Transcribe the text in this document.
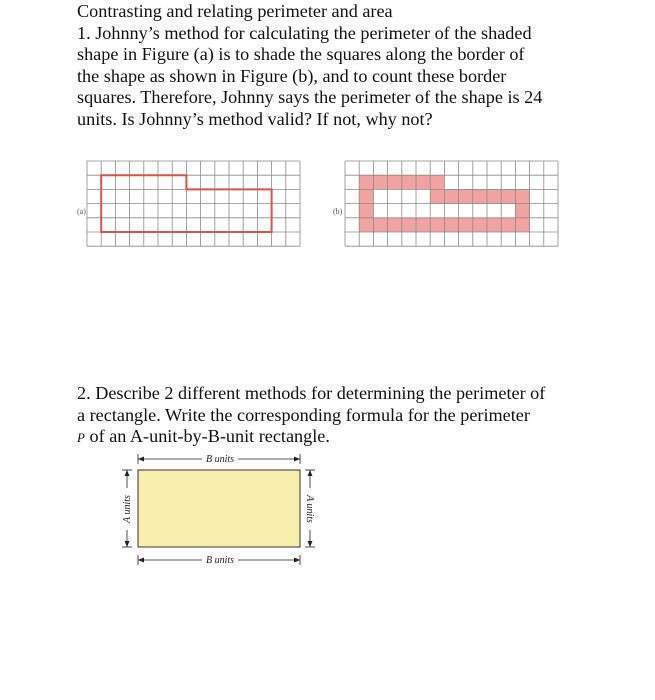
Contrasting and relating perimeter and area
1. Johnny’s method for calculating the perimeter of the shaded
shape in Figure (a) is to shade the squares along the border of
the shape as shown in Figure (b), and to count these border
squares. Therefore, Johnny says the perimeter of the shape is 24
units. Is Johnny’s method valid? If not, why not?
(a)	(b)
2. Describe 2 different methods for determining the perimeter of
a rectangle. Write the corresponding formula for the perimeter
P of an A-unit-by-B-unit rectangle.
B units
B units
A units	A units
